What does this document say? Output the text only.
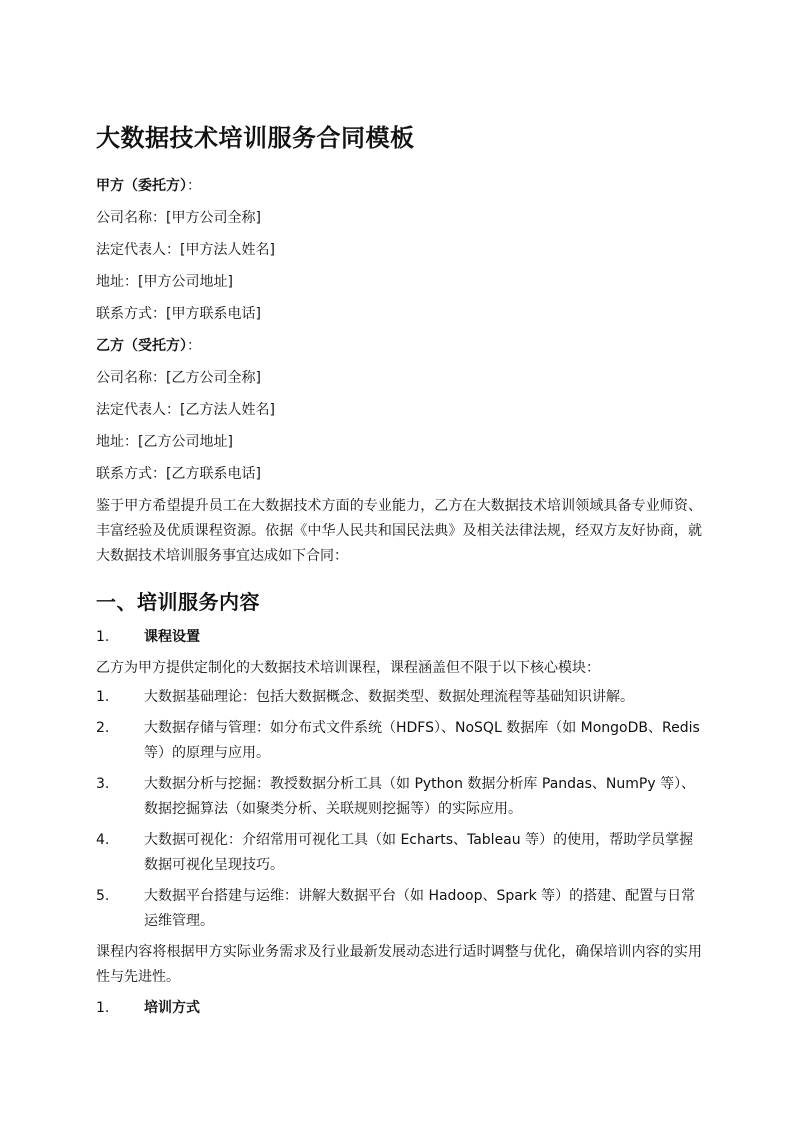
大数据技术培训服务合同模板

甲方（委托方）：

公司名称：[甲方公司全称]

法定代表人：[甲方法人姓名]

地址：[甲方公司地址]

联系方式：[甲方联系电话]

乙方（受托方）：

公司名称：[乙方公司全称]

法定代表人：[乙方法人姓名]

地址：[乙方公司地址]

联系方式：[乙方联系电话]

鉴于甲方希望提升员工在大数据技术方面的专业能力，乙方在大数据技术培训领域具备专业师资、丰富经验及优质课程资源。依据《中华人民共和国民法典》及相关法律法规，经双方友好协商，就大数据技术培训服务事宜达成如下合同：

一、培训服务内容
1.	课程设置

乙方为甲方提供定制化的大数据技术培训课程，课程涵盖但不限于以下核心模块：

1.	大数据基础理论：包括大数据概念、数据类型、数据处理流程等基础知识讲解。
2.	大数据存储与管理：如分布式文件系统（HDFS）、NoSQL 数据库（如 MongoDB、Redis 等）的原理与应用。
3.	大数据分析与挖掘：教授数据分析工具（如 Python 数据分析库 Pandas、NumPy 等）、数据挖掘算法（如聚类分析、关联规则挖掘等）的实际应用。
4.	大数据可视化：介绍常用可视化工具（如 Echarts、Tableau 等）的使用，帮助学员掌握数据可视化呈现技巧。
5.	大数据平台搭建与运维：讲解大数据平台（如 Hadoop、Spark 等）的搭建、配置与日常运维管理。

课程内容将根据甲方实际业务需求及行业最新发展动态进行适时调整与优化，确保培训内容的实用性与先进性。

1.	培训方式
